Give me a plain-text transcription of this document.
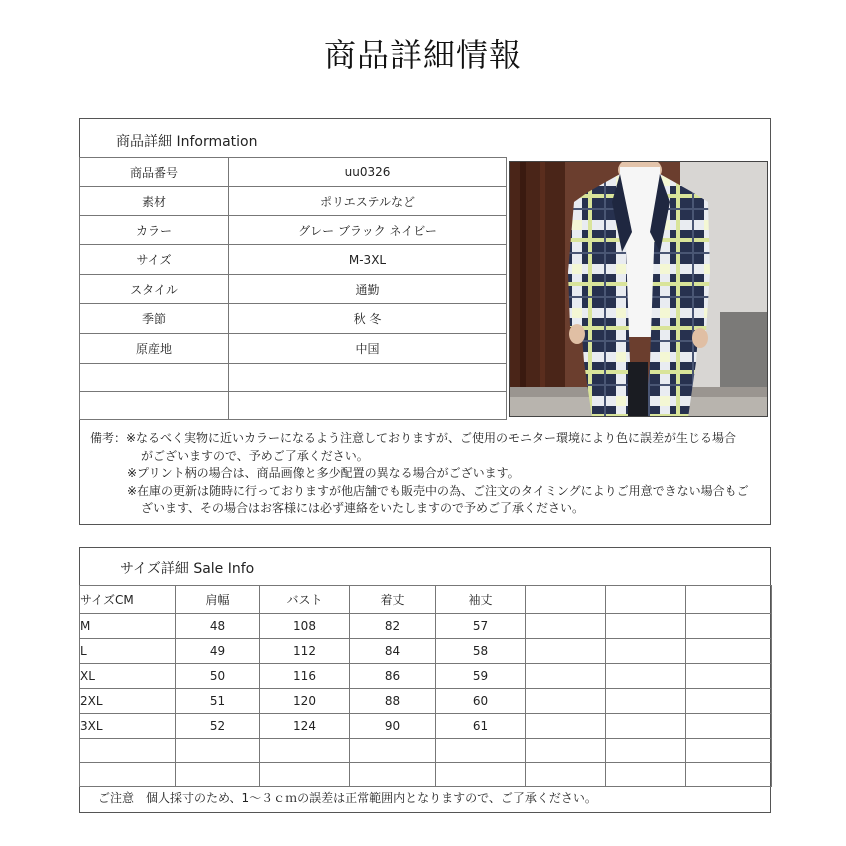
商品詳細情報
商品詳細 Information
商品番号	uu0326
素材	ポリエステルなど
カラー	グレー ブラック ネイビー
サイズ	M-3XL
スタイル	通勤
季節	秋 冬
原産地	中国

備考：※なるべく実物に近いカラーになるよう注意しておりますが、ご使用のモニター環境により色に誤差が生じる場合
がございますので、予めご了承ください。
※プリント柄の場合は、商品画像と多少配置の異なる場合がございます。
※在庫の更新は随時に行っておりますが他店舗でも販売中の為、ご注文のタイミングによりご用意できない場合もご
ざいます、その場合はお客様には必ず連絡をいたしますので予めご了承ください。
サイズ詳細 Sale Info
サイズCM	肩幅	バスト	着丈	袖丈			
M	48	108	82	57			
L	49	112	84	58			
XL	50	116	86	59			
2XL	51	120	88	60			
3XL	52	124	90	61			

ご注意　個人採寸のため、1～３ｃｍの誤差は正常範囲内となりますので、ご了承ください。
